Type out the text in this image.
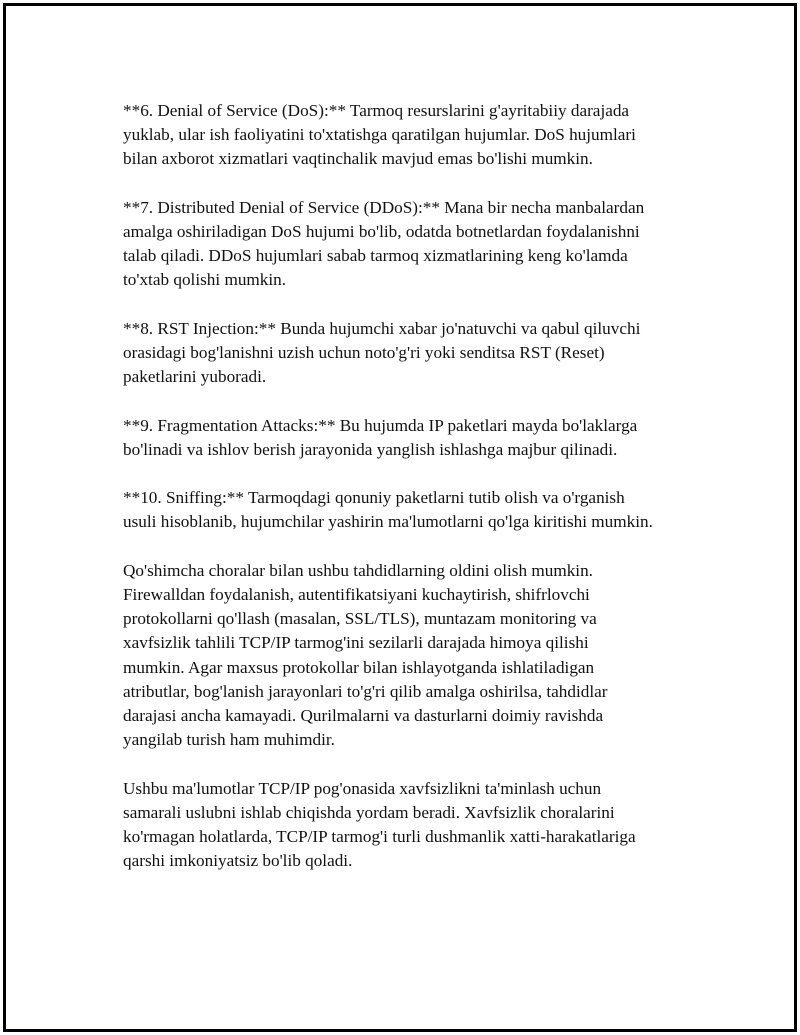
**6. Denial of Service (DoS):** Tarmoq resurslarini g'ayritabiiy darajada
yuklab, ular ish faoliyatini to'xtatishga qaratilgan hujumlar. DoS hujumlari
bilan axborot xizmatlari vaqtinchalik mavjud emas bo'lishi mumkin.

**7. Distributed Denial of Service (DDoS):** Mana bir necha manbalardan
amalga oshiriladigan DoS hujumi bo'lib, odatda botnetlardan foydalanishni
talab qiladi. DDoS hujumlari sabab tarmoq xizmatlarining keng ko'lamda
to'xtab qolishi mumkin.

**8. RST Injection:** Bunda hujumchi xabar jo'natuvchi va qabul qiluvchi
orasidagi bog'lanishni uzish uchun noto'g'ri yoki senditsa RST (Reset)
paketlarini yuboradi.

**9. Fragmentation Attacks:** Bu hujumda IP paketlari mayda bo'laklarga
bo'linadi va ishlov berish jarayonida yanglish ishlashga majbur qilinadi.

**10. Sniffing:** Tarmoqdagi qonuniy paketlarni tutib olish va o'rganish
usuli hisoblanib, hujumchilar yashirin ma'lumotlarni qo'lga kiritishi mumkin.

Qo'shimcha choralar bilan ushbu tahdidlarning oldini olish mumkin.
Firewalldan foydalanish, autentifikatsiyani kuchaytirish, shifrlovchi
protokollarni qo'llash (masalan, SSL/TLS), muntazam monitoring va
xavfsizlik tahlili TCP/IP tarmog'ini sezilarli darajada himoya qilishi
mumkin. Agar maxsus protokollar bilan ishlayotganda ishlatiladigan
atributlar, bog'lanish jarayonlari to'g'ri qilib amalga oshirilsa, tahdidlar
darajasi ancha kamayadi. Qurilmalarni va dasturlarni doimiy ravishda
yangilab turish ham muhimdir.

Ushbu ma'lumotlar TCP/IP pog'onasida xavfsizlikni ta'minlash uchun
samarali uslubni ishlab chiqishda yordam beradi. Xavfsizlik choralarini
ko'rmagan holatlarda, TCP/IP tarmog'i turli dushmanlik xatti-harakatlariga
qarshi imkoniyatsiz bo'lib qoladi.
